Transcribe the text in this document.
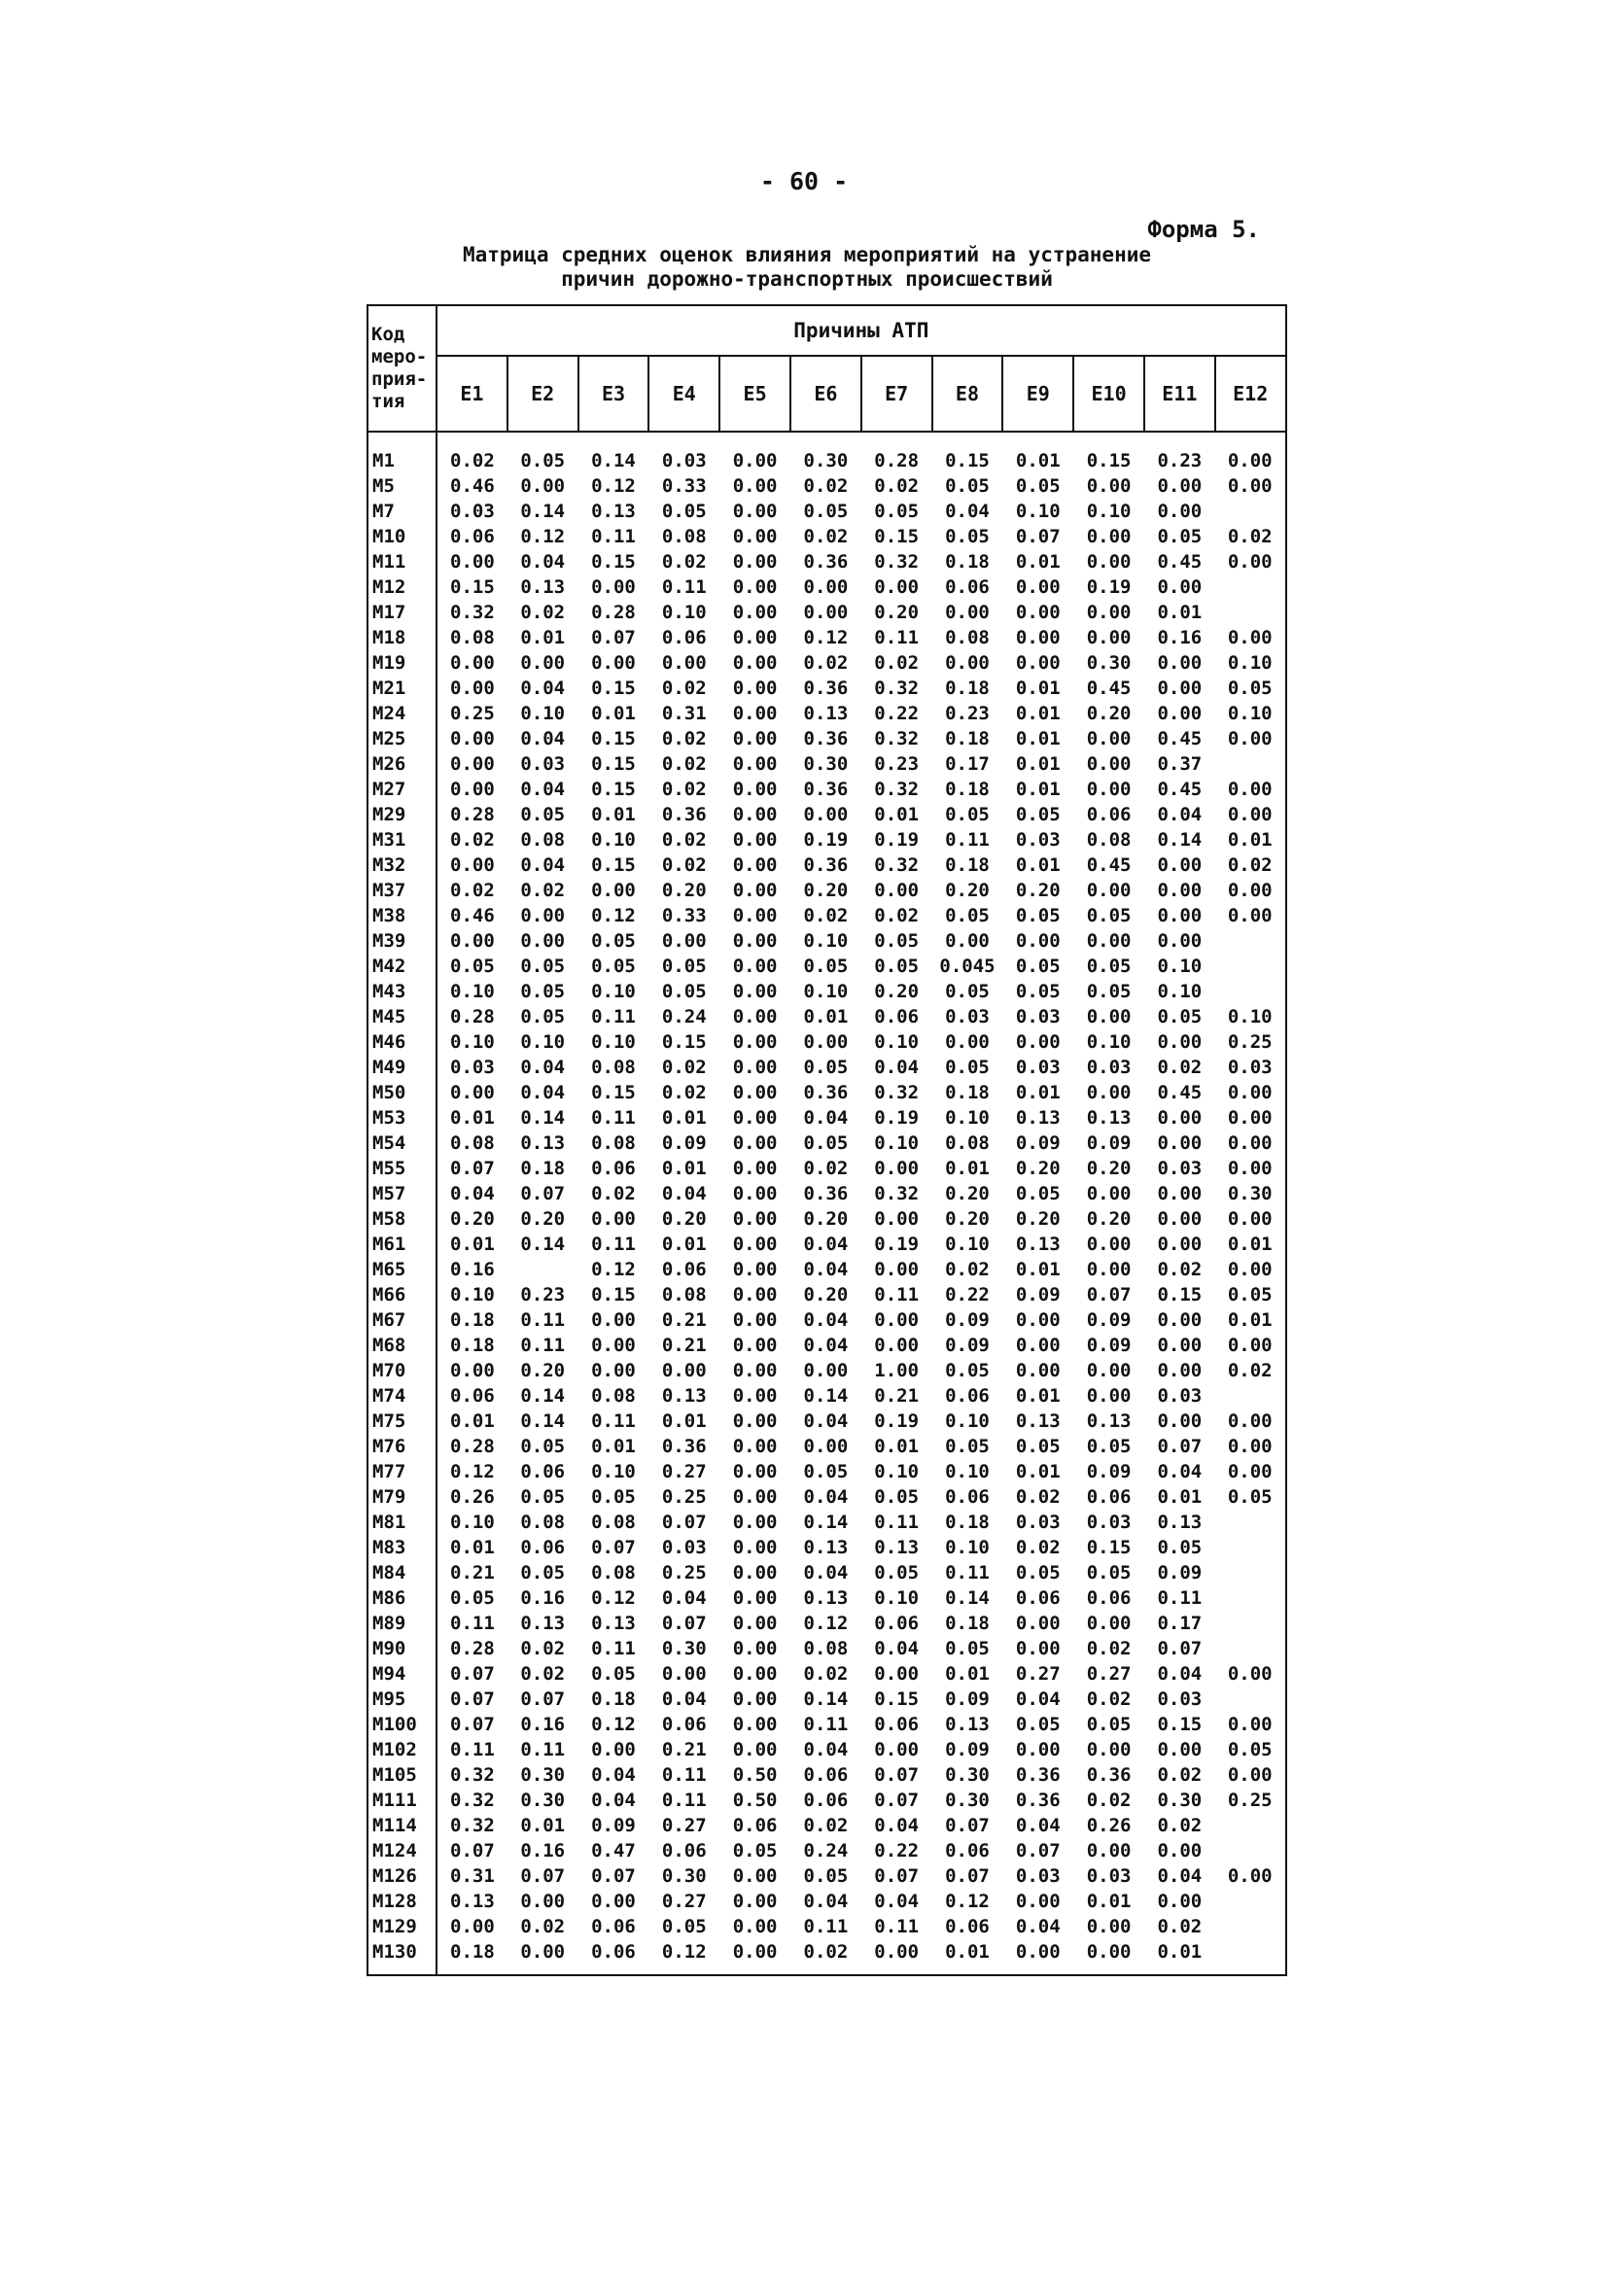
- 60 -
Форма 5.
Матрица средних оценок влияния мероприятий на устранение
причин дорожно-транспортных происшествий
Код
меро-
прия-
тия	Причины АТП											
	E1	E2	E3	E4	E5	E6	E7	E8	E9	E10	E11	E12
M1	0.02	0.05	0.14	0.03	0.00	0.30	0.28	0.15	0.01	0.15	0.23	0.00
M5	0.46	0.00	0.12	0.33	0.00	0.02	0.02	0.05	0.05	0.00	0.00	0.00
M7	0.03	0.14	0.13	0.05	0.00	0.05	0.05	0.04	0.10	0.10	0.00	
M10	0.06	0.12	0.11	0.08	0.00	0.02	0.15	0.05	0.07	0.00	0.05	0.02
M11	0.00	0.04	0.15	0.02	0.00	0.36	0.32	0.18	0.01	0.00	0.45	0.00
M12	0.15	0.13	0.00	0.11	0.00	0.00	0.00	0.06	0.00	0.19	0.00	
M17	0.32	0.02	0.28	0.10	0.00	0.00	0.20	0.00	0.00	0.00	0.01	
M18	0.08	0.01	0.07	0.06	0.00	0.12	0.11	0.08	0.00	0.00	0.16	0.00
M19	0.00	0.00	0.00	0.00	0.00	0.02	0.02	0.00	0.00	0.30	0.00	0.10
M21	0.00	0.04	0.15	0.02	0.00	0.36	0.32	0.18	0.01	0.45	0.00	0.05
M24	0.25	0.10	0.01	0.31	0.00	0.13	0.22	0.23	0.01	0.20	0.00	0.10
M25	0.00	0.04	0.15	0.02	0.00	0.36	0.32	0.18	0.01	0.00	0.45	0.00
M26	0.00	0.03	0.15	0.02	0.00	0.30	0.23	0.17	0.01	0.00	0.37	
M27	0.00	0.04	0.15	0.02	0.00	0.36	0.32	0.18	0.01	0.00	0.45	0.00
M29	0.28	0.05	0.01	0.36	0.00	0.00	0.01	0.05	0.05	0.06	0.04	0.00
M31	0.02	0.08	0.10	0.02	0.00	0.19	0.19	0.11	0.03	0.08	0.14	0.01
M32	0.00	0.04	0.15	0.02	0.00	0.36	0.32	0.18	0.01	0.45	0.00	0.02
M37	0.02	0.02	0.00	0.20	0.00	0.20	0.00	0.20	0.20	0.00	0.00	0.00
M38	0.46	0.00	0.12	0.33	0.00	0.02	0.02	0.05	0.05	0.05	0.00	0.00
M39	0.00	0.00	0.05	0.00	0.00	0.10	0.05	0.00	0.00	0.00	0.00	
M42	0.05	0.05	0.05	0.05	0.00	0.05	0.05	0.045	0.05	0.05	0.10	
M43	0.10	0.05	0.10	0.05	0.00	0.10	0.20	0.05	0.05	0.05	0.10	
M45	0.28	0.05	0.11	0.24	0.00	0.01	0.06	0.03	0.03	0.00	0.05	0.10
M46	0.10	0.10	0.10	0.15	0.00	0.00	0.10	0.00	0.00	0.10	0.00	0.25
M49	0.03	0.04	0.08	0.02	0.00	0.05	0.04	0.05	0.03	0.03	0.02	0.03
M50	0.00	0.04	0.15	0.02	0.00	0.36	0.32	0.18	0.01	0.00	0.45	0.00
M53	0.01	0.14	0.11	0.01	0.00	0.04	0.19	0.10	0.13	0.13	0.00	0.00
M54	0.08	0.13	0.08	0.09	0.00	0.05	0.10	0.08	0.09	0.09	0.00	0.00
M55	0.07	0.18	0.06	0.01	0.00	0.02	0.00	0.01	0.20	0.20	0.03	0.00
M57	0.04	0.07	0.02	0.04	0.00	0.36	0.32	0.20	0.05	0.00	0.00	0.30
M58	0.20	0.20	0.00	0.20	0.00	0.20	0.00	0.20	0.20	0.20	0.00	0.00
M61	0.01	0.14	0.11	0.01	0.00	0.04	0.19	0.10	0.13	0.00	0.00	0.01
M65	0.16		0.12	0.06	0.00	0.04	0.00	0.02	0.01	0.00	0.02	0.00
M66	0.10	0.23	0.15	0.08	0.00	0.20	0.11	0.22	0.09	0.07	0.15	0.05
M67	0.18	0.11	0.00	0.21	0.00	0.04	0.00	0.09	0.00	0.09	0.00	0.01
M68	0.18	0.11	0.00	0.21	0.00	0.04	0.00	0.09	0.00	0.09	0.00	0.00
M70	0.00	0.20	0.00	0.00	0.00	0.00	1.00	0.05	0.00	0.00	0.00	0.02
M74	0.06	0.14	0.08	0.13	0.00	0.14	0.21	0.06	0.01	0.00	0.03	
M75	0.01	0.14	0.11	0.01	0.00	0.04	0.19	0.10	0.13	0.13	0.00	0.00
M76	0.28	0.05	0.01	0.36	0.00	0.00	0.01	0.05	0.05	0.05	0.07	0.00
M77	0.12	0.06	0.10	0.27	0.00	0.05	0.10	0.10	0.01	0.09	0.04	0.00
M79	0.26	0.05	0.05	0.25	0.00	0.04	0.05	0.06	0.02	0.06	0.01	0.05
M81	0.10	0.08	0.08	0.07	0.00	0.14	0.11	0.18	0.03	0.03	0.13	
M83	0.01	0.06	0.07	0.03	0.00	0.13	0.13	0.10	0.02	0.15	0.05	
M84	0.21	0.05	0.08	0.25	0.00	0.04	0.05	0.11	0.05	0.05	0.09	
M86	0.05	0.16	0.12	0.04	0.00	0.13	0.10	0.14	0.06	0.06	0.11	
M89	0.11	0.13	0.13	0.07	0.00	0.12	0.06	0.18	0.00	0.00	0.17	
M90	0.28	0.02	0.11	0.30	0.00	0.08	0.04	0.05	0.00	0.02	0.07	
M94	0.07	0.02	0.05	0.00	0.00	0.02	0.00	0.01	0.27	0.27	0.04	0.00
M95	0.07	0.07	0.18	0.04	0.00	0.14	0.15	0.09	0.04	0.02	0.03	
M100	0.07	0.16	0.12	0.06	0.00	0.11	0.06	0.13	0.05	0.05	0.15	0.00
M102	0.11	0.11	0.00	0.21	0.00	0.04	0.00	0.09	0.00	0.00	0.00	0.05
M105	0.32	0.30	0.04	0.11	0.50	0.06	0.07	0.30	0.36	0.36	0.02	0.00
M111	0.32	0.30	0.04	0.11	0.50	0.06	0.07	0.30	0.36	0.02	0.30	0.25
M114	0.32	0.01	0.09	0.27	0.06	0.02	0.04	0.07	0.04	0.26	0.02	
M124	0.07	0.16	0.47	0.06	0.05	0.24	0.22	0.06	0.07	0.00	0.00	
M126	0.31	0.07	0.07	0.30	0.00	0.05	0.07	0.07	0.03	0.03	0.04	0.00
M128	0.13	0.00	0.00	0.27	0.00	0.04	0.04	0.12	0.00	0.01	0.00	
M129	0.00	0.02	0.06	0.05	0.00	0.11	0.11	0.06	0.04	0.00	0.02	
M130	0.18	0.00	0.06	0.12	0.00	0.02	0.00	0.01	0.00	0.00	0.01	
